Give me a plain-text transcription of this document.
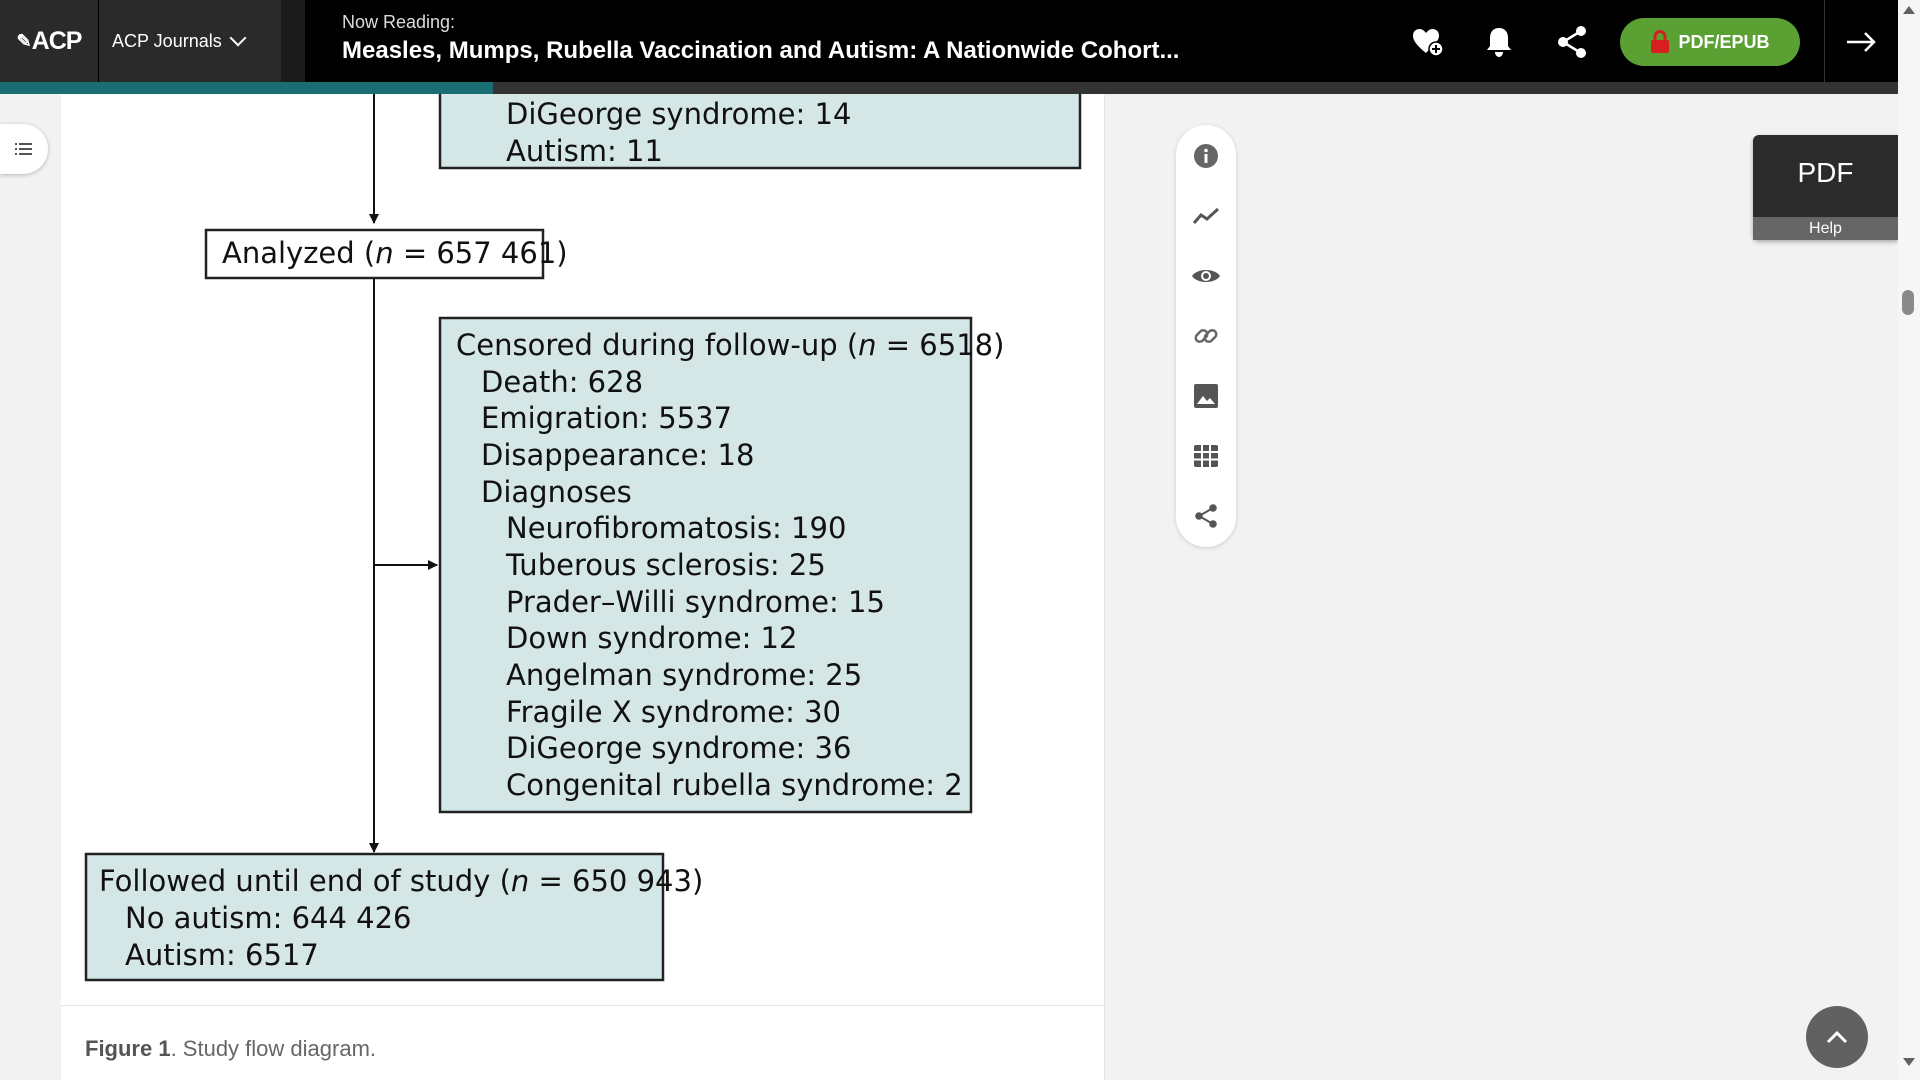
✎ ACP ACP Journals
Now Reading:
Measles, Mumps, Rubella Vaccination and Autism: A Nationwide Cohort...	PDF/EPUB
DiGeorge syndrome: 14
Autism: 11
Analyzed (n = 657 461)
Censored during follow-up (n = 6518)
Death: 628
Emigration: 5537
Disappearance: 18
Diagnoses
Neurofibromatosis: 190
Tuberous sclerosis: 25
Prader–Willi syndrome: 15
Down syndrome: 12
Angelman syndrome: 25
Fragile X syndrome: 30
DiGeorge syndrome: 36
Congenital rubella syndrome: 2
Followed until end of study (n = 650 943)
No autism: 644 426
Autism: 6517
Figure 1. Study flow diagram.
PDF
Help
